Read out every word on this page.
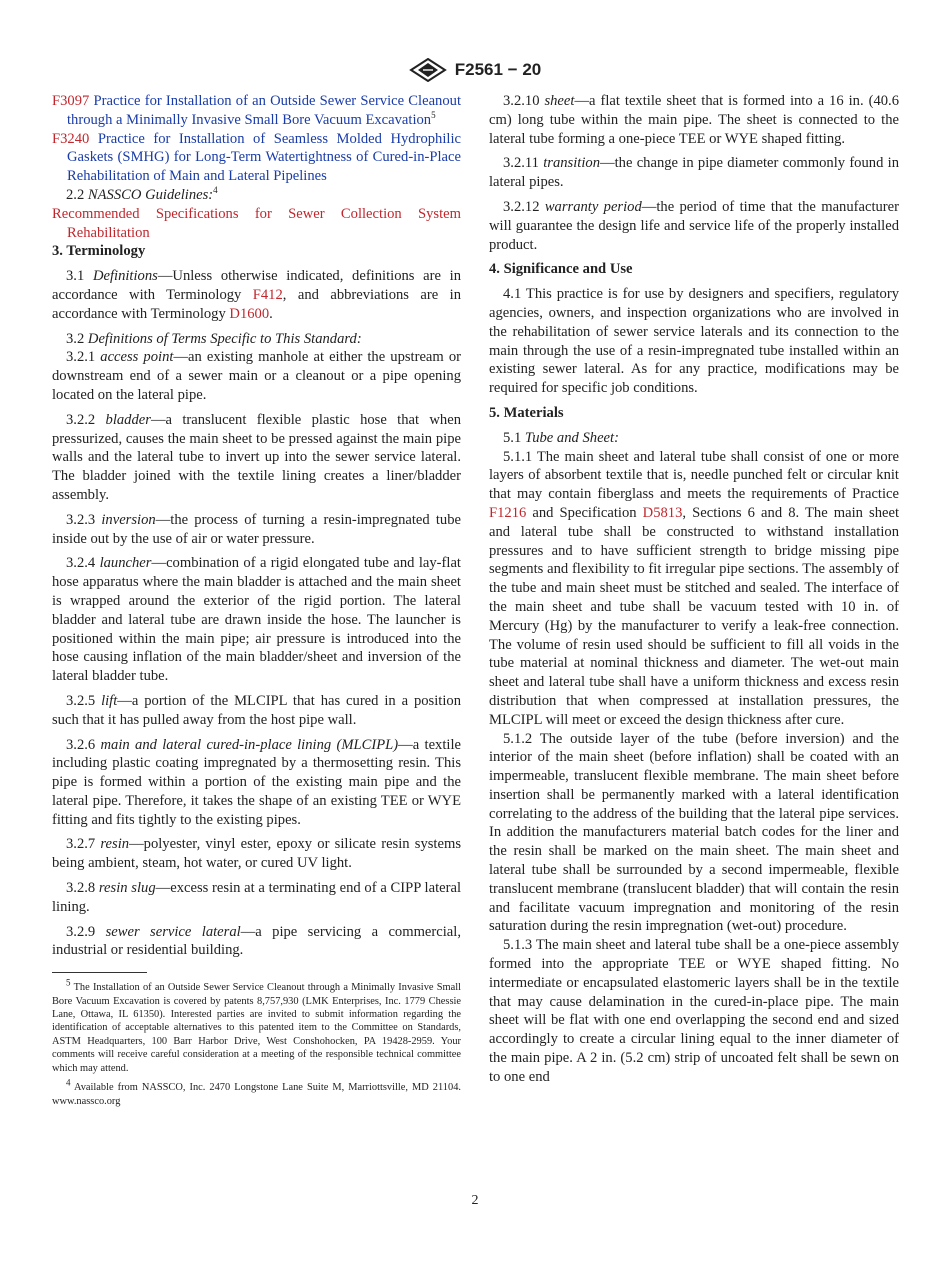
F2561 − 20

F3097 Practice for Installation of an Outside Sewer Service Cleanout through a Minimally Invasive Small Bore Vacuum Excavation$^5$

F3240 Practice for Installation of Seamless Molded Hydrophilic Gaskets (SMHG) for Long-Term Watertightness of Cured-in-Place Rehabilitation of Main and Lateral Pipelines

2.2 NASSCO Guidelines:$^4$

Recommended Specifications for Sewer Collection System Rehabilitation

3. Terminology

3.1 Definitions—Unless otherwise indicated, definitions are in accordance with Terminology F412, and abbreviations are in accordance with Terminology D1600.

3.2 Definitions of Terms Specific to This Standard:

3.2.1 access point—an existing manhole at either the upstream or downstream end of a sewer main or a cleanout or a pipe opening located on the lateral pipe.

3.2.2 bladder—a translucent flexible plastic hose that when pressurized, causes the main sheet to be pressed against the main pipe walls and the lateral tube to invert up into the sewer service lateral. The bladder joined with the textile lining creates a liner/bladder assembly.

3.2.3 inversion—the process of turning a resin-impregnated tube inside out by the use of air or water pressure.

3.2.4 launcher—combination of a rigid elongated tube and lay-flat hose apparatus where the main bladder is attached and the main sheet is wrapped around the exterior of the rigid portion. The lateral bladder and lateral tube are drawn inside the hose. The launcher is positioned within the main pipe; air pressure is introduced into the hose causing inflation of the main bladder/sheet and inversion of the lateral bladder tube.

3.2.5 lift—a portion of the MLCIPL that has cured in a position such that it has pulled away from the host pipe wall.

3.2.6 main and lateral cured-in-place lining (MLCIPL)—a textile including plastic coating impregnated by a thermosetting resin. This pipe is formed within a portion of the existing main pipe and the lateral pipe. Therefore, it takes the shape of an existing TEE or WYE fitting and fits tightly to the existing pipes.

3.2.7 resin—polyester, vinyl ester, epoxy or silicate resin systems being ambient, steam, hot water, or cured UV light.

3.2.8 resin slug—excess resin at a terminating end of a CIPP lateral lining.

3.2.9 sewer service lateral—a pipe servicing a commercial, industrial or residential building.

$^5$ The Installation of an Outside Sewer Service Cleanout through a Minimally Invasive Small Bore Vacuum Excavation is covered by patents 8,757,930 (LMK Enterprises, Inc. 1779 Chessie Lane, Ottawa, IL 61350). Interested parties are invited to submit information regarding the identification of acceptable alternatives to this patented item to the Committee on Standards, ASTM Headquarters, 100 Barr Harbor Drive, West Conshohocken, PA 19428-2959. Your comments will receive careful consideration at a meeting of the responsible technical committee which may attend.

$^4$ Available from NASSCO, Inc. 2470 Longstone Lane Suite M, Marriottsville, MD 21104. www.nassco.org

3.2.10 sheet—a flat textile sheet that is formed into a 16 in. (40.6 cm) long tube within the main pipe. The sheet is connected to the lateral tube forming a one-piece TEE or WYE shaped fitting.

3.2.11 transition—the change in pipe diameter commonly found in lateral pipes.

3.2.12 warranty period—the period of time that the manufacturer will guarantee the design life and service life of the properly installed product.

4. Significance and Use

4.1 This practice is for use by designers and specifiers, regulatory agencies, owners, and inspection organizations who are involved in the rehabilitation of sewer service laterals and its connection to the main through the use of a resin-impregnated tube installed within an existing sewer lateral. As for any practice, modifications may be required for specific job conditions.

5. Materials

5.1 Tube and Sheet:

5.1.1 The main sheet and lateral tube shall consist of one or more layers of absorbent textile that is, needle punched felt or circular knit that may contain fiberglass and meets the requirements of Practice F1216 and Specification D5813, Sections 6 and 8. The main sheet and lateral tube shall be constructed to withstand installation pressures and to have sufficient strength to bridge missing pipe segments and flexibility to fit irregular pipe sections. The assembly of the tube and main sheet must be stitched and sealed. The interface of the main sheet and tube shall be vacuum tested with 10 in. of Mercury (Hg) by the manufacturer to verify a leak-free connection. The volume of resin used should be sufficient to fill all voids in the tube material at nominal thickness and diameter. The wet-out main sheet and lateral tube shall have a uniform thickness and excess resin distribution that when compressed at installation pressures, the MLCIPL will meet or exceed the design thickness after cure.

5.1.2 The outside layer of the tube (before inversion) and the interior of the main sheet (before inflation) shall be coated with an impermeable, translucent flexible membrane. The main sheet before insertion shall be permanently marked with a lateral identification correlating to the address of the building that the lateral pipe services. In addition the manufacturers material batch codes for the liner and the resin shall be marked on the main sheet. The main sheet and lateral tube shall be surrounded by a second impermeable, flexible translucent membrane (translucent bladder) that will contain the resin and facilitate vacuum impregnation and monitoring of the resin saturation during the resin impregnation (wet-out) procedure.

5.1.3 The main sheet and lateral tube shall be a one-piece assembly formed into the appropriate TEE or WYE shaped fitting. No intermediate or encapsulated elastomeric layers shall be in the textile that may cause delamination in the cured-in-place pipe. The main sheet will be flat with one end overlapping the second end and sized accordingly to create a circular lining equal to the inner diameter of the main pipe. A 2 in. (5.2 cm) strip of uncoated felt shall be sewn on to one end

2
